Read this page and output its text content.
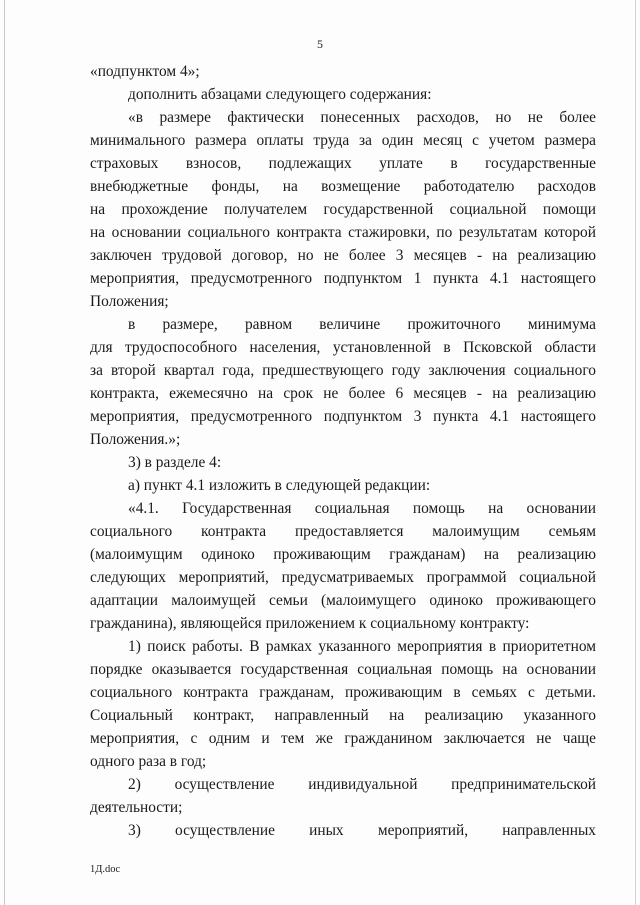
5
«подпунктом 4»;
дополнить абзацами следующего содержания:
«в размере фактически понесенных расходов, но не более
минимального размера оплаты труда за один месяц с учетом размера
страховых взносов, подлежащих уплате в государственные
внебюджетные фонды, на возмещение работодателю расходов
на прохождение получателем государственной социальной помощи
на основании социального контракта стажировки, по результатам которой
заключен трудовой договор, но не более 3 месяцев - на реализацию
мероприятия, предусмотренного подпунктом 1 пункта 4.1 настоящего
Положения;
в размере, равном величине прожиточного минимума
для трудоспособного населения, установленной в Псковской области
за второй квартал года, предшествующего году заключения социального
контракта, ежемесячно на срок не более 6 месяцев - на реализацию
мероприятия, предусмотренного подпунктом 3 пункта 4.1 настоящего
Положения.»;
3) в разделе 4:
а) пункт 4.1 изложить в следующей редакции:
«4.1. Государственная социальная помощь на основании
социального контракта предоставляется малоимущим семьям
(малоимущим одиноко проживающим гражданам) на реализацию
следующих мероприятий, предусматриваемых программой социальной
адаптации малоимущей семьи (малоимущего одиноко проживающего
гражданина), являющейся приложением к социальному контракту:
1) поиск работы. В рамках указанного мероприятия в приоритетном
порядке оказывается государственная социальная помощь на основании
социального контракта гражданам, проживающим в семьях с детьми.
Социальный контракт, направленный на реализацию указанного
мероприятия, с одним и тем же гражданином заключается не чаще
одного раза в год;
2) осуществление индивидуальной предпринимательской
деятельности;
3) осуществление иных мероприятий, направленных
1Д.doc
